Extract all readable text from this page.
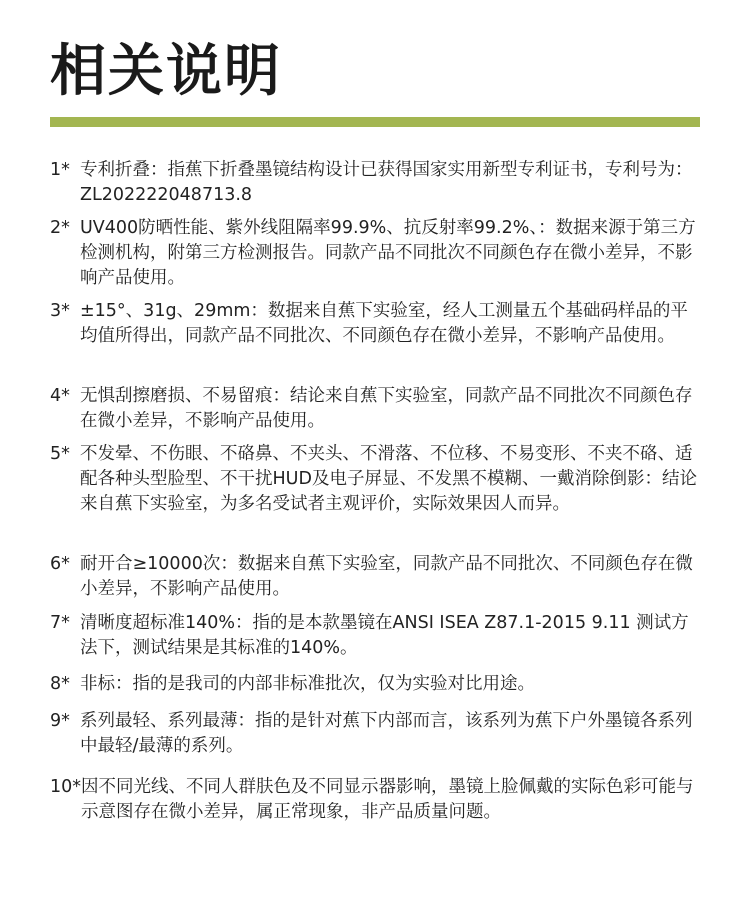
相关说明
1* 专利折叠：指蕉下折叠墨镜结构设计已获得国家实用新型专利证书，专利号为：ZL202222048713.8
2* UV400防晒性能、紫外线阻隔率99.9%、抗反射率99.2%、：数据来源于第三方检测机构，附第三方检测报告。同款产品不同批次不同颜色存在微小差异，不影响产品使用。
3* ±15°、31g、29mm：数据来自蕉下实验室，经人工测量五个基础码样品的平均值所得出，同款产品不同批次、不同颜色存在微小差异，不影响产品使用。
4* 无惧刮擦磨损、不易留痕：结论来自蕉下实验室，同款产品不同批次不同颜色存在微小差异，不影响产品使用。
5* 不发晕、不伤眼、不硌鼻、不夹头、不滑落、不位移、不易变形、不夹不硌、适配各种头型脸型、不干扰HUD及电子屏显、不发黑不模糊、一戴消除倒影：结论来自蕉下实验室，为多名受试者主观评价，实际效果因人而异。
6* 耐开合≥10000次：数据来自蕉下实验室，同款产品不同批次、不同颜色存在微小差异，不影响产品使用。
7* 清晰度超标准140%：指的是本款墨镜在ANSI ISEA Z87.1-2015 9.11 测试方法下，测试结果是其标准的140%。
8* 非标：指的是我司的内部非标准批次，仅为实验对比用途。
9* 系列最轻、系列最薄：指的是针对蕉下内部而言，该系列为蕉下户外墨镜各系列中最轻/最薄的系列。
10* 因不同光线、不同人群肤色及不同显示器影响，墨镜上脸佩戴的实际色彩可能与示意图存在微小差异，属正常现象，非产品质量问题。
